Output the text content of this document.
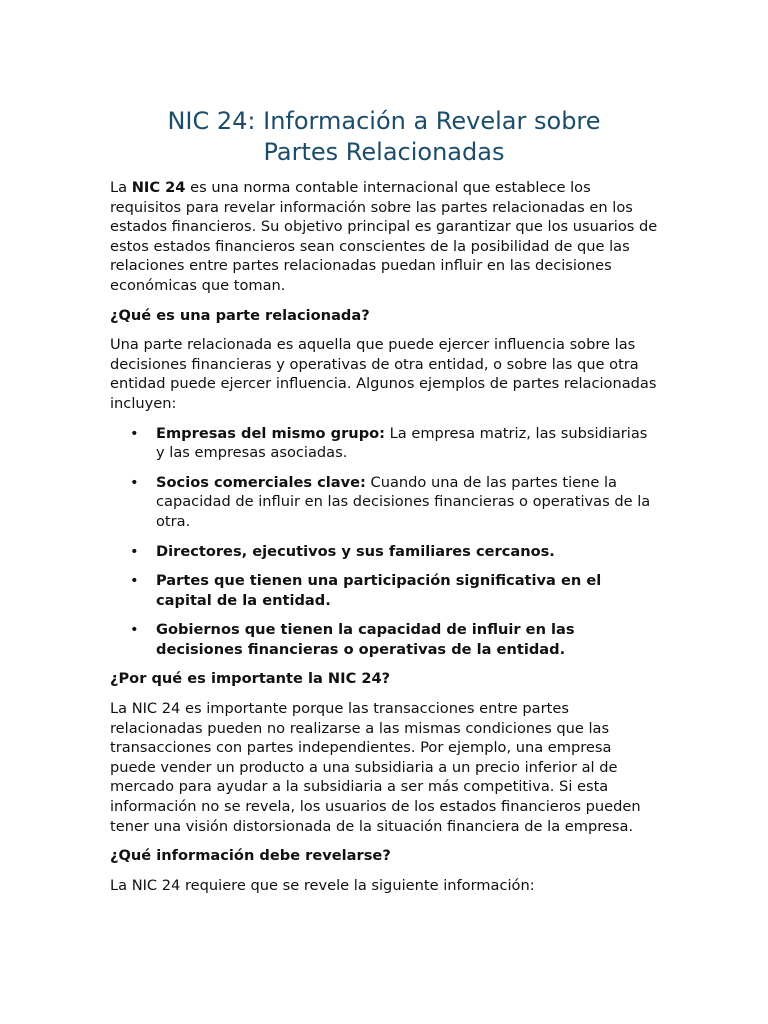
NIC 24: Información a Revelar sobre
Partes Relacionadas

La NIC 24 es una norma contable internacional que establece los requisitos para revelar información sobre las partes relacionadas en los estados financieros. Su objetivo principal es garantizar que los usuarios de estos estados financieros sean conscientes de la posibilidad de que las relaciones entre partes relacionadas puedan influir en las decisiones económicas que toman.

¿Qué es una parte relacionada?

Una parte relacionada es aquella que puede ejercer influencia sobre las decisiones financieras y operativas de otra entidad, o sobre las que otra entidad puede ejercer influencia. Algunos ejemplos de partes relacionadas incluyen:

• Empresas del mismo grupo: La empresa matriz, las subsidiarias y las empresas asociadas.
• Socios comerciales clave: Cuando una de las partes tiene la capacidad de influir en las decisiones financieras o operativas de la otra.
• Directores, ejecutivos y sus familiares cercanos.
• Partes que tienen una participación significativa en el capital de la entidad.
• Gobiernos que tienen la capacidad de influir en las decisiones financieras o operativas de la entidad.

¿Por qué es importante la NIC 24?

La NIC 24 es importante porque las transacciones entre partes relacionadas pueden no realizarse a las mismas condiciones que las transacciones con partes independientes. Por ejemplo, una empresa puede vender un producto a una subsidiaria a un precio inferior al de mercado para ayudar a la subsidiaria a ser más competitiva. Si esta información no se revela, los usuarios de los estados financieros pueden tener una visión distorsionada de la situación financiera de la empresa.

¿Qué información debe revelarse?

La NIC 24 requiere que se revele la siguiente información:
